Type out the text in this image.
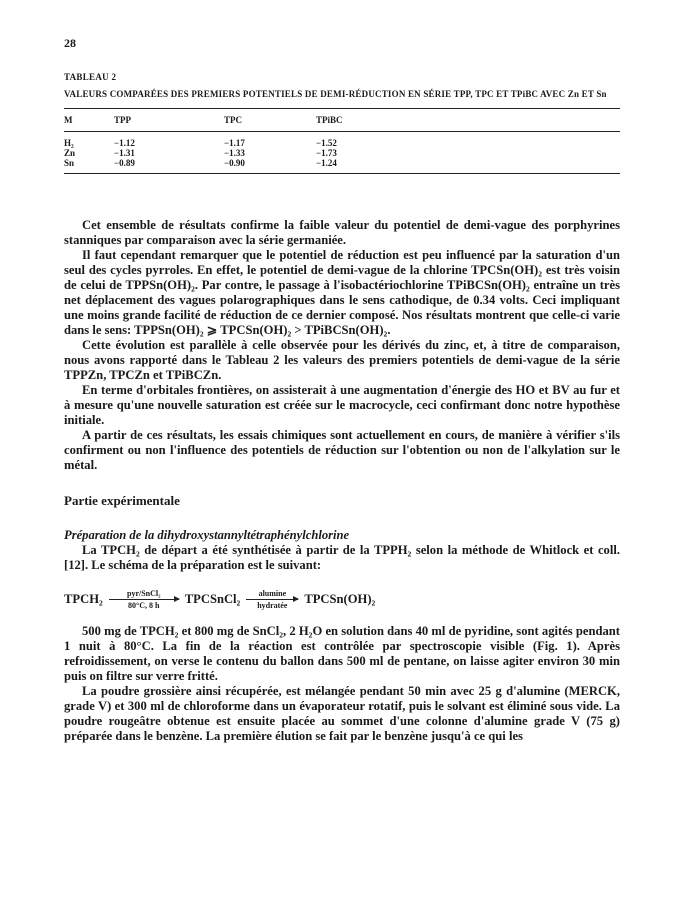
28
TABLEAU 2
VALEURS COMPARÉES DES PREMIERS POTENTIELS DE DEMI-RÉDUCTION EN SÉRIE TPP, TPC ET TPiBC AVEC Zn ET Sn
M	TPP	TPC	TPiBC	
H₂	−1.12	−1.17	−1.52	
Zn	−1.31	−1.33	−1.73	
Sn	−0.89	−0.90	−1.24	

Cet ensemble de résultats confirme la faible valeur du potentiel de demi-vague des porphyrines stanniques par comparaison avec la série germaniée.

Il faut cependant remarquer que le potentiel de réduction est peu influencé par la saturation d'un seul des cycles pyrroles. En effet, le potentiel de demi-vague de la chlorine TPCSn(OH)₂ est très voisin de celui de TPPSn(OH)₂. Par contre, le passage à l'isobactériochlorine TPiBCSn(OH)₂ entraîne un très net déplacement des vagues polarographiques dans le sens cathodique, de 0.34 volts. Ceci impliquant une moins grande facilité de réduction de ce dernier composé. Nos résultats montrent que celle-ci varie dans le sens: TPPSn(OH)₂ ⩾ TPCSn(OH)₂ > TPiBCSn(OH)₂.

Cette évolution est parallèle à celle observée pour les dérivés du zinc, et, à titre de comparaison, nous avons rapporté dans le Tableau 2 les valeurs des premiers potentiels de demi-vague de la série TPPZn, TPCZn et TPiBCZn.

En terme d'orbitales frontières, on assisterait à une augmentation d'énergie des HO et BV au fur et à mesure qu'une nouvelle saturation est créée sur le macrocycle, ceci confirmant donc notre hypothèse initiale.

A partir de ces résultats, les essais chimiques sont actuellement en cours, de manière à vérifier s'ils confirment ou non l'influence des potentiels de réduction sur l'obtention ou non de l'alkylation sur le métal.

Partie expérimentale
Préparation de la dihydroxystannyltétraphénylchlorine

La TPCH₂ de départ a été synthétisée à partir de la TPPH₂ selon la méthode de Whitlock et coll. [12]. Le schéma de la préparation est le suivant:

TPCH₂	pyr/SnCl₂
80°C, 8 h TPCSnCl₂ alumine
hydratée TPCSn(OH)₂

500 mg de TPCH₂ et 800 mg de SnCl₂, 2 H₂O en solution dans 40 ml de pyridine, sont agités pendant 1 nuit à 80°C. La fin de la réaction est contrôlée par spectroscopie visible (Fig. 1). Après refroidissement, on verse le contenu du ballon dans 500 ml de pentane, on laisse agiter environ 30 min puis on filtre sur verre fritté.

La poudre grossière ainsi récupérée, est mélangée pendant 50 min avec 25 g d'alumine (MERCK, grade V) et 300 ml de chloroforme dans un évaporateur rotatif, puis le solvant est éliminé sous vide. La poudre rougeâtre obtenue est ensuite placée au sommet d'une colonne d'alumine grade V (75 g) préparée dans le benzène. La première élution se fait par le benzène jusqu'à ce qui les
